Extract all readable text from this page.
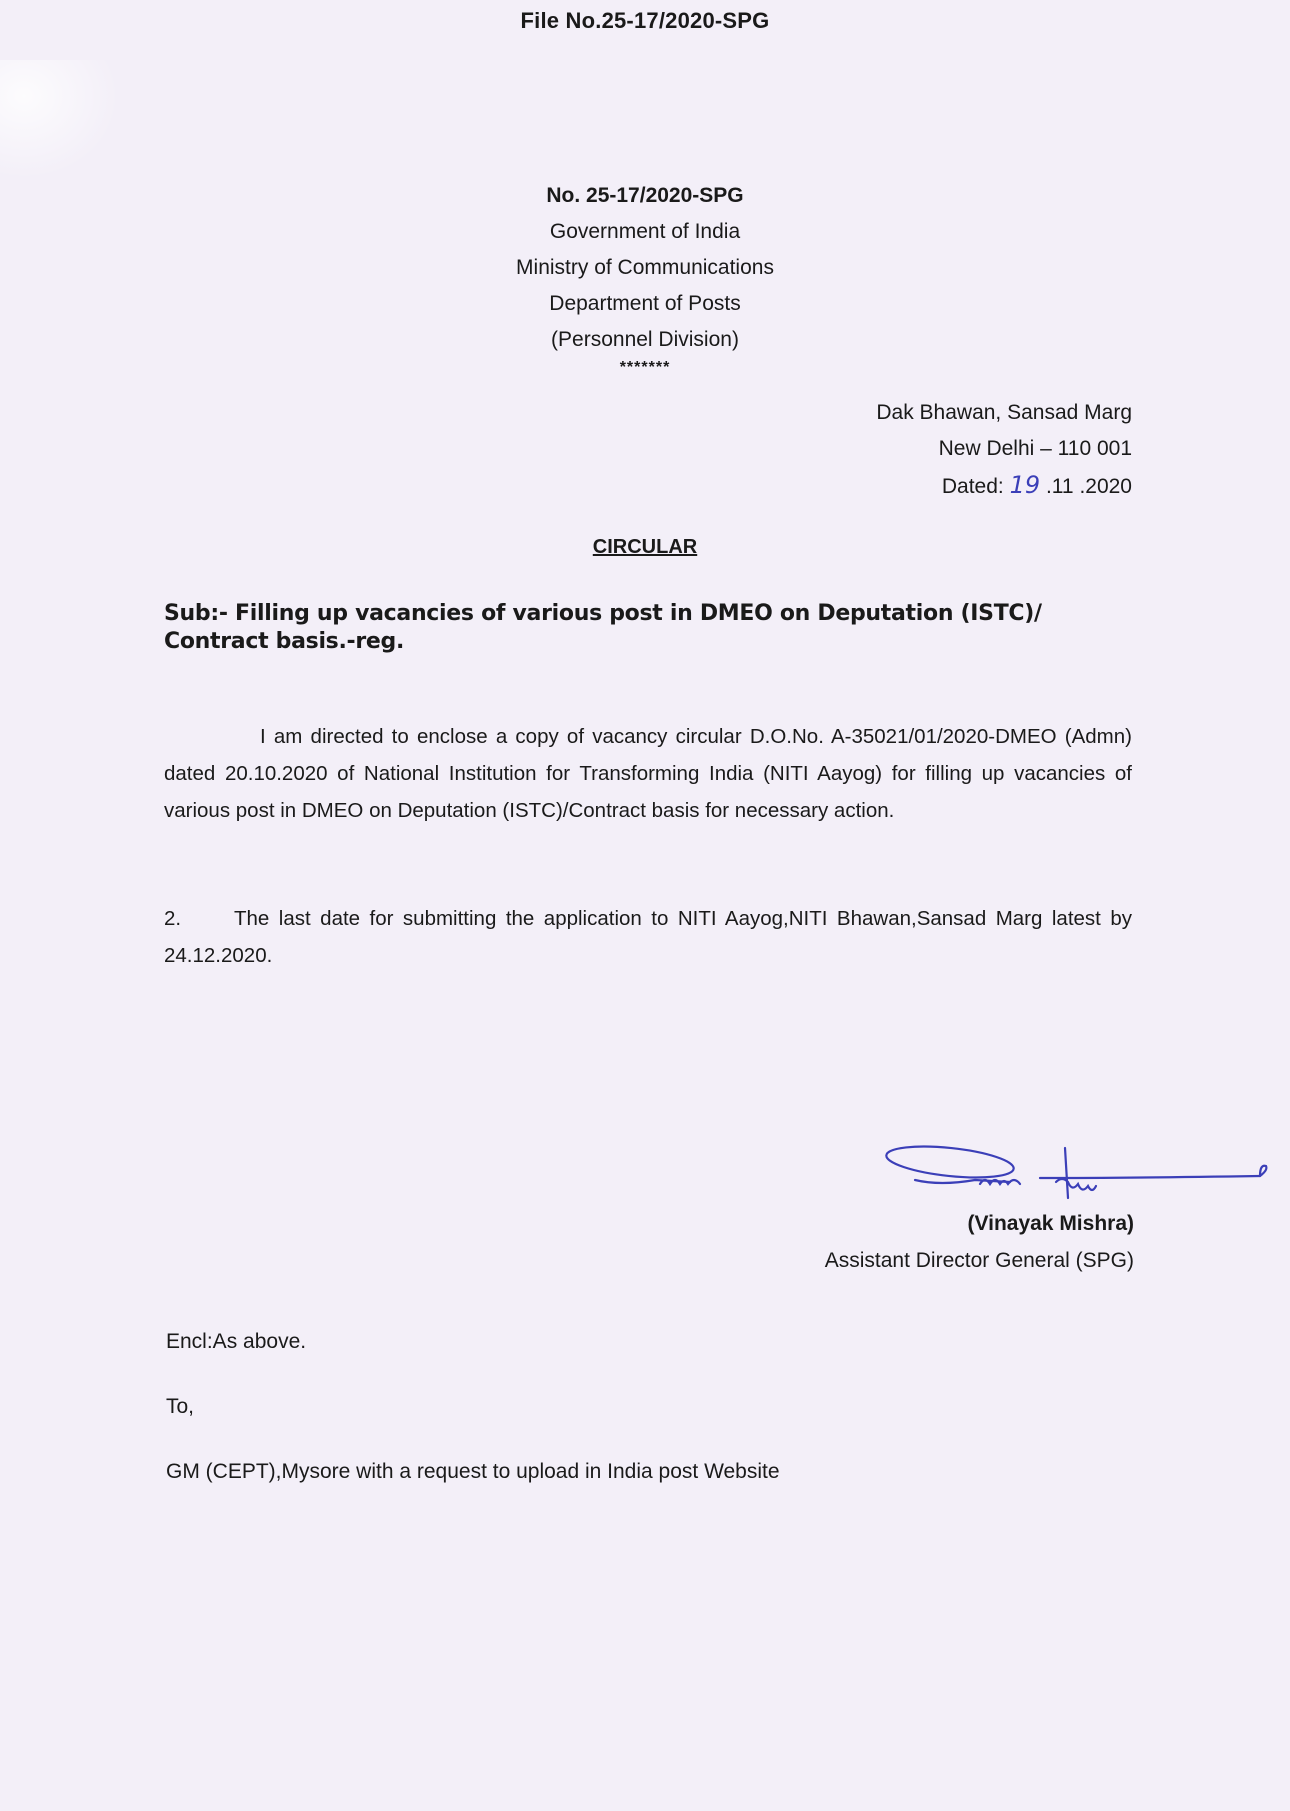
File No.25-17/2020-SPG
No. 25-17/2020-SPG
Government of India
Ministry of Communications
Department of Posts
(Personnel Division)
*******
Dak Bhawan, Sansad Marg
New Delhi – 110 001
Dated: 19 .11 .2020
CIRCULAR
Sub:- Filling up vacancies of various post in DMEO on Deputation (ISTC)/ Contract basis.-reg.
I am directed to enclose a copy of vacancy circular D.O.No. A-35021/01/2020-DMEO (Admn) dated 20.10.2020 of National Institution for Transforming India (NITI Aayog) for filling up vacancies of various post in DMEO on Deputation (ISTC)/Contract basis for necessary action.
2.	The last date for submitting the application to NITI Aayog,NITI Bhawan,Sansad Marg latest by 24.12.2020.
(Vinayak Mishra)
Assistant Director General (SPG)
Encl:As above.
To,
GM (CEPT),Mysore with a request to upload in India post Website
